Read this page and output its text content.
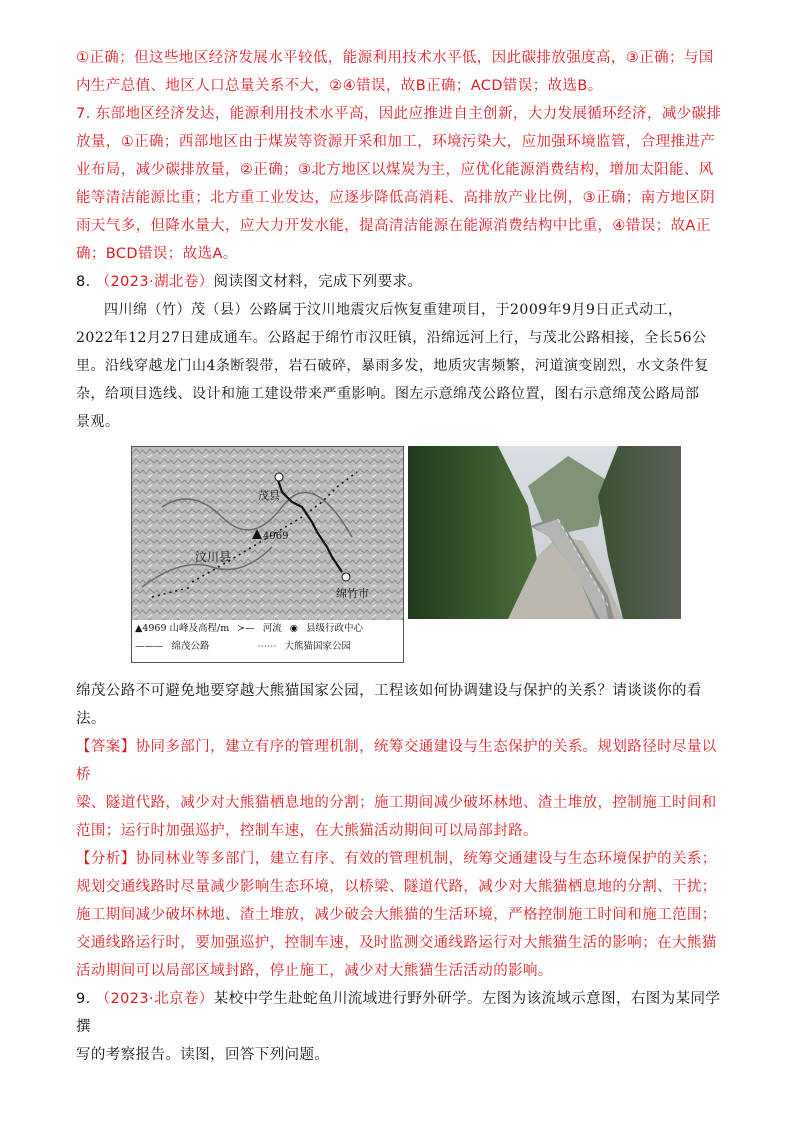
①正确；但这些地区经济发展水平较低，能源利用技术水平低，因此碳排放强度高，③正确；与国

内生产总值、地区人口总量关系不大，②④错误，故B正确；ACD错误；故选B。

7. 东部地区经济发达，能源利用技术水平高，因此应推进自主创新，大力发展循环经济，减少碳排

放量，①正确；西部地区由于煤炭等资源开采和加工，环境污染大，应加强环境监管，合理推进产

业布局，减少碳排放量，②正确；③北方地区以煤炭为主，应优化能源消费结构，增加太阳能、风

能等清洁能源比重；北方重工业发达，应逐步降低高消耗、高排放产业比例，③正确；南方地区阴

雨天气多，但降水量大，应大力开发水能，提高清洁能源在能源消费结构中比重，④错误；故A正

确；BCD错误；故选A。

8. （2023·湖北卷）阅读图文材料，完成下列要求。

四川绵（竹）茂（县）公路属于汶川地震灾后恢复重建项目，于2009年9月9日正式动工，

2022年12月27日建成通车。公路起于绵竹市汉旺镇，沿绵远河上行，与茂北公路相接，全长56公

里。沿线穿越龙门山4条断裂带，岩石破碎，暴雨多发，地质灾害频繁，河道演变剧烈，水文条件复

杂，给项目选线、设计和施工建设带来严重影响。图左示意绵茂公路位置，图右示意绵茂公路局部

景观。

茂县
4969
汶川县
绵竹市
▲4969 山峰及高程/m ≻— 河流 ◉ 县级行政中心
——— 绵茂公路	⋯⋯ 大熊猫国家公园

绵茂公路不可避免地要穿越大熊猫国家公园，工程该如何协调建设与保护的关系？请谈谈你的看

法。

【答案】协同多部门，建立有序的管理机制，统筹交通建设与生态保护的关系。规划路径时尽量以

桥

梁、隧道代路，减少对大熊猫栖息地的分割；施工期间减少破坏林地、渣土堆放，控制施工时间和

范围；运行时加强巡护，控制车速，在大熊猫活动期间可以局部封路。

【分析】协同林业等多部门，建立有序、有效的管理机制，统筹交通建设与生态环境保护的关系；

规划交通线路时尽量减少影响生态环境，以桥梁、隧道代路，减少对大熊猫栖息地的分割、干扰；

施工期间减少破坏林地、渣土堆放，减少破会大熊猫的生活环境，严格控制施工时间和施工范围；

交通线路运行时，要加强巡护，控制车速，及时监测交通线路运行对大熊猫生活的影响；在大熊猫

活动期间可以局部区域封路，停止施工，减少对大熊猫生活活动的影响。

9. （2023·北京卷）某校中学生赴蛇鱼川流域进行野外研学。左图为该流域示意图，右图为某同学撰

写的考察报告。读图，回答下列问题。
